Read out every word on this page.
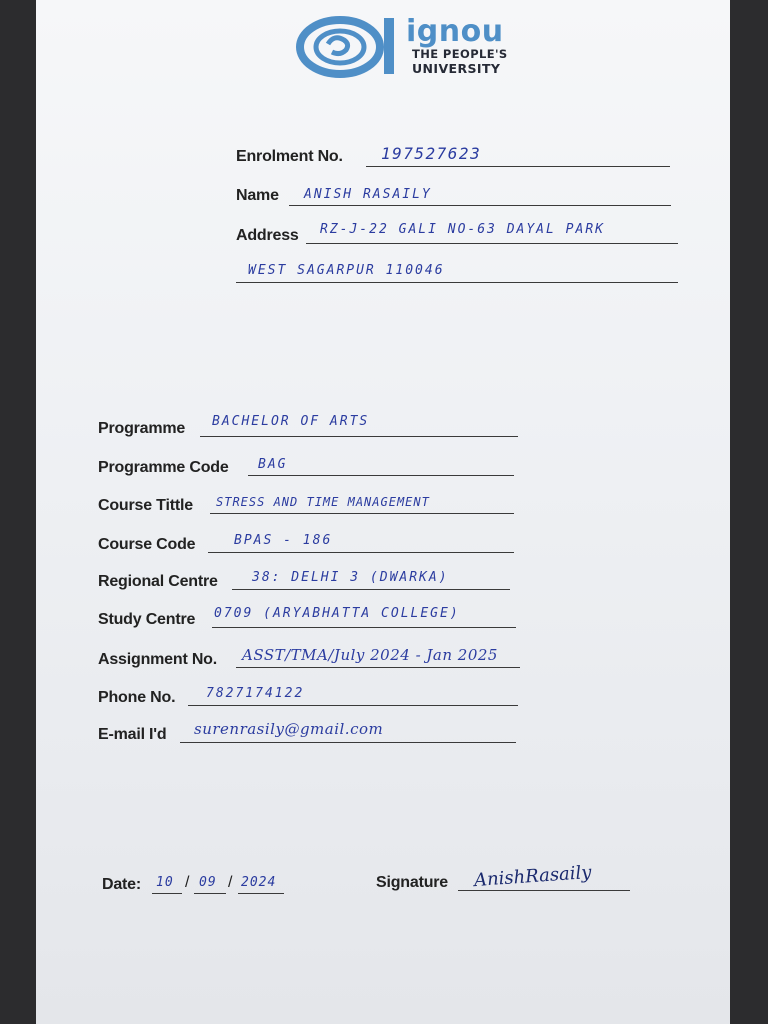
ignou
THE PEOPLE'S
UNIVERSITY
Enrolment No. 197527623
Name ANISH RASAILY
Address RZ-J-22 GALI NO-63 DAYAL PARK
WEST SAGARPUR 110046
Programme BACHELOR OF ARTS
Programme Code BAG
Course Tittle STRESS AND TIME MANAGEMENT
Course Code	BPAS - 186
Regional Centre	38: DELHI 3 (DWARKA)
Study Centre 0709 (ARYABHATTA COLLEGE)
Assignment No. ASST/TMA/July 2024 - Jan 2025
Phone No. 7827174122
E-mail I'd surenrasily@gmail.com
Date: 10 / 09 / 2024	Signature AnishRasaily
